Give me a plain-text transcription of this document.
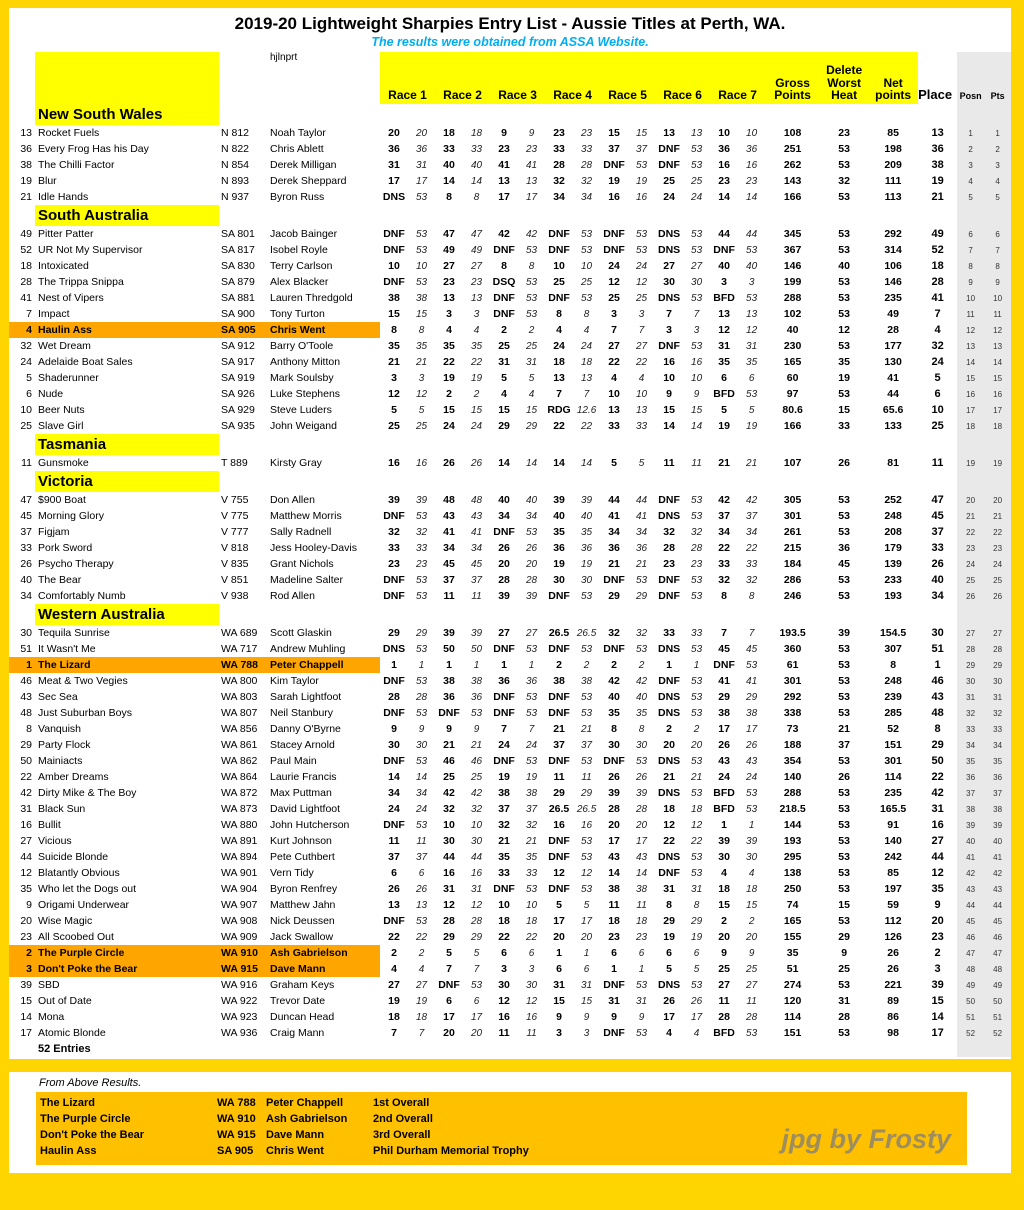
2019-20 Lightweight Sharpies Entry List - Aussie Titles at Perth, WA.
The results were obtained from ASSA Website.
			hjlnprt	Race 1		Race 2		Race 3		Race 4		Race 5		Race 6		Race 7		Gross Points	Delete Worst Heat	Net points	Place	Posn	Pts
	New South Wales																						
13	Rocket Fuels	N 812	Noah Taylor	20	20	18	18	9	9	23	23	15	15	13	13	10	10	108	23	85	13	1	1
36	Every Frog Has his Day	N 822	Chris Ablett	36	36	33	33	23	23	33	33	37	37	DNF	53	36	36	251	53	198	36	2	2
38	The Chilli Factor	N 854	Derek Milligan	31	31	40	40	41	41	28	28	DNF	53	DNF	53	16	16	262	53	209	38	3	3
19	Blur	N 893	Derek Sheppard	17	17	14	14	13	13	32	32	19	19	25	25	23	23	143	32	111	19	4	4
21	Idle Hands	N 937	Byron Russ	DNS	53	8	8	17	17	34	34	16	16	24	24	14	14	166	53	113	21	5	5
	South Australia																						
49	Pitter Patter	SA 801	Jacob Bainger	DNF	53	47	47	42	42	DNF	53	DNF	53	DNS	53	44	44	345	53	292	49	6	6
52	UR Not My Supervisor	SA 817	Isobel Royle	DNF	53	49	49	DNF	53	DNF	53	DNF	53	DNS	53	DNF	53	367	53	314	52	7	7
18	Intoxicated	SA 830	Terry Carlson	10	10	27	27	8	8	10	10	24	24	27	27	40	40	146	40	106	18	8	8
28	The Trippa Snippa	SA 879	Alex Blacker	DNF	53	23	23	DSQ	53	25	25	12	12	30	30	3	3	199	53	146	28	9	9
41	Nest of Vipers	SA 881	Lauren Thredgold	38	38	13	13	DNF	53	DNF	53	25	25	DNS	53	BFD	53	288	53	235	41	10	10
7	Impact	SA 900	Tony Turton	15	15	3	3	DNF	53	8	8	3	3	7	7	13	13	102	53	49	7	11	11
4	Haulin Ass	SA 905	Chris Went	8	8	4	4	2	2	4	4	7	7	3	3	12	12	40	12	28	4	12	12
32	Wet Dream	SA 912	Barry O'Toole	35	35	35	35	25	25	24	24	27	27	DNF	53	31	31	230	53	177	32	13	13
24	Adelaide Boat Sales	SA 917	Anthony Mitton	21	21	22	22	31	31	18	18	22	22	16	16	35	35	165	35	130	24	14	14
5	Shaderunner	SA 919	Mark Soulsby	3	3	19	19	5	5	13	13	4	4	10	10	6	6	60	19	41	5	15	15
6	Nude	SA 926	Luke Stephens	12	12	2	2	4	4	7	7	10	10	9	9	BFD	53	97	53	44	6	16	16
10	Beer Nuts	SA 929	Steve Luders	5	5	15	15	15	15	RDG	12.6	13	13	15	15	5	5	80.6	15	65.6	10	17	17
25	Slave Girl	SA 935	John Weigand	25	25	24	24	29	29	22	22	33	33	14	14	19	19	166	33	133	25	18	18
	Tasmania																						
11	Gunsmoke	T 889	Kirsty Gray	16	16	26	26	14	14	14	14	5	5	11	11	21	21	107	26	81	11	19	19
	Victoria																						
47	$900 Boat	V 755	Don Allen	39	39	48	48	40	40	39	39	44	44	DNF	53	42	42	305	53	252	47	20	20
45	Morning Glory	V 775	Matthew Morris	DNF	53	43	43	34	34	40	40	41	41	DNS	53	37	37	301	53	248	45	21	21
37	Figjam	V 777	Sally Radnell	32	32	41	41	DNF	53	35	35	34	34	32	32	34	34	261	53	208	37	22	22
33	Pork Sword	V 818	Jess Hooley-Davis	33	33	34	34	26	26	36	36	36	36	28	28	22	22	215	36	179	33	23	23
26	Psycho Therapy	V 835	Grant Nichols	23	23	45	45	20	20	19	19	21	21	23	23	33	33	184	45	139	26	24	24
40	The Bear	V 851	Madeline Salter	DNF	53	37	37	28	28	30	30	DNF	53	DNF	53	32	32	286	53	233	40	25	25
34	Comfortably Numb	V 938	Rod Allen	DNF	53	11	11	39	39	DNF	53	29	29	DNF	53	8	8	246	53	193	34	26	26
	Western Australia																						
30	Tequila Sunrise	WA 689	Scott Glaskin	29	29	39	39	27	27	26.5	26.5	32	32	33	33	7	7	193.5	39	154.5	30	27	27
51	It Wasn't Me	WA 717	Andrew Muhling	DNS	53	50	50	DNF	53	DNF	53	DNF	53	DNS	53	45	45	360	53	307	51	28	28
1	The Lizard	WA 788	Peter Chappell	1	1	1	1	1	1	2	2	2	2	1	1	DNF	53	61	53	8	1	29	29
46	Meat & Two Vegies	WA 800	Kim Taylor	DNF	53	38	38	36	36	38	38	42	42	DNF	53	41	41	301	53	248	46	30	30
43	Sec Sea	WA 803	Sarah Lightfoot	28	28	36	36	DNF	53	DNF	53	40	40	DNS	53	29	29	292	53	239	43	31	31
48	Just Suburban Boys	WA 807	Neil Stanbury	DNF	53	DNF	53	DNF	53	DNF	53	35	35	DNS	53	38	38	338	53	285	48	32	32
8	Vanquish	WA 856	Danny O'Byrne	9	9	9	9	7	7	21	21	8	8	2	2	17	17	73	21	52	8	33	33
29	Party Flock	WA 861	Stacey Arnold	30	30	21	21	24	24	37	37	30	30	20	20	26	26	188	37	151	29	34	34
50	Mainiacts	WA 862	Paul Main	DNF	53	46	46	DNF	53	DNF	53	DNF	53	DNS	53	43	43	354	53	301	50	35	35
22	Amber Dreams	WA 864	Laurie Francis	14	14	25	25	19	19	11	11	26	26	21	21	24	24	140	26	114	22	36	36
42	Dirty Mike & The Boy	WA 872	Max Puttman	34	34	42	42	38	38	29	29	39	39	DNS	53	BFD	53	288	53	235	42	37	37
31	Black Sun	WA 873	David Lightfoot	24	24	32	32	37	37	26.5	26.5	28	28	18	18	BFD	53	218.5	53	165.5	31	38	38
16	Bullit	WA 880	John Hutcherson	DNF	53	10	10	32	32	16	16	20	20	12	12	1	1	144	53	91	16	39	39
27	Vicious	WA 891	Kurt Johnson	11	11	30	30	21	21	DNF	53	17	17	22	22	39	39	193	53	140	27	40	40
44	Suicide Blonde	WA 894	Pete Cuthbert	37	37	44	44	35	35	DNF	53	43	43	DNS	53	30	30	295	53	242	44	41	41
12	Blatantly Obvious	WA 901	Vern Tidy	6	6	16	16	33	33	12	12	14	14	DNF	53	4	4	138	53	85	12	42	42
35	Who let the Dogs out	WA 904	Byron Renfrey	26	26	31	31	DNF	53	DNF	53	38	38	31	31	18	18	250	53	197	35	43	43
9	Origami Underwear	WA 907	Matthew Jahn	13	13	12	12	10	10	5	5	11	11	8	8	15	15	74	15	59	9	44	44
20	Wise Magic	WA 908	Nick Deussen	DNF	53	28	28	18	18	17	17	18	18	29	29	2	2	165	53	112	20	45	45
23	All Scoobed Out	WA 909	Jack Swallow	22	22	29	29	22	22	20	20	23	23	19	19	20	20	155	29	126	23	46	46
2	The Purple Circle	WA 910	Ash Gabrielson	2	2	5	5	6	6	1	1	6	6	6	6	9	9	35	9	26	2	47	47
3	Don't Poke the Bear	WA 915	Dave Mann	4	4	7	7	3	3	6	6	1	1	5	5	25	25	51	25	26	3	48	48
39	SBD	WA 916	Graham Keys	27	27	DNF	53	30	30	31	31	DNF	53	DNS	53	27	27	274	53	221	39	49	49
15	Out of Date	WA 922	Trevor Date	19	19	6	6	12	12	15	15	31	31	26	26	11	11	120	31	89	15	50	50
14	Mona	WA 923	Duncan Head	18	18	17	17	16	16	9	9	9	9	17	17	28	28	114	28	86	14	51	51
17	Atomic Blonde	WA 936	Craig Mann	7	7	20	20	11	11	3	3	DNF	53	4	4	BFD	53	151	53	98	17	52	52
	52 Entries																						
From Above Results.
The Lizard	WA 788 Peter Chappell	1st Overall
The Purple Circle	WA 910 Ash Gabrielson	2nd Overall
Don't Poke the Bear	WA 915 Dave Mann	3rd Overall
Haulin Ass	SA 905	Chris Went	Phil Durham Memorial Trophy	jpg by Frosty
